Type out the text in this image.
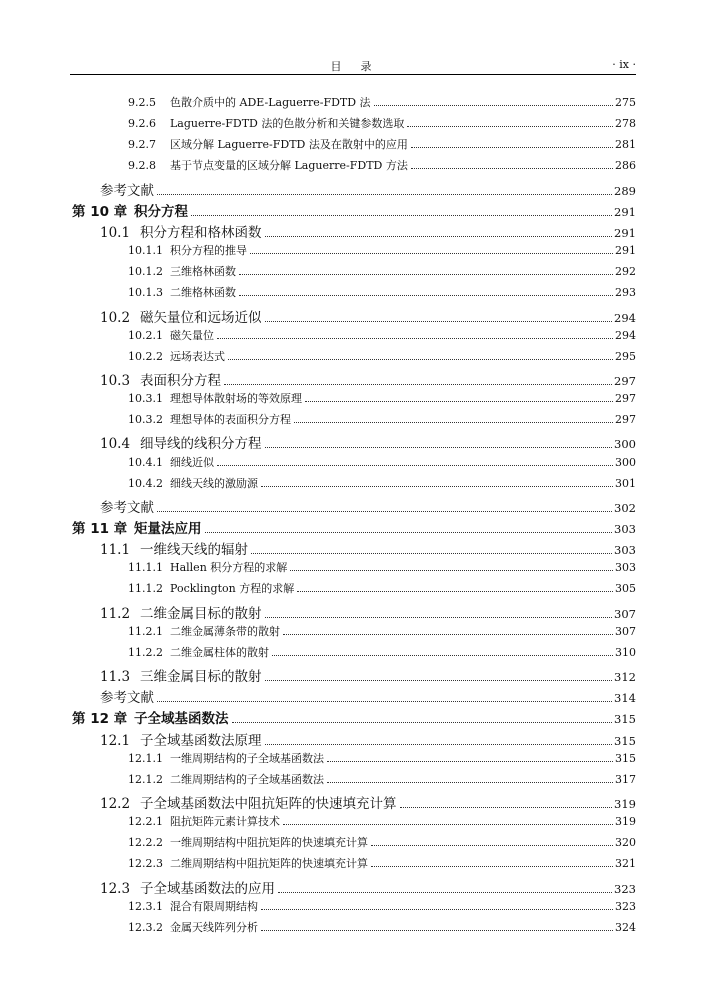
目　录	· ix ·
9.2.5	色散介质中的 ADE-Laguerre-FDTD 法	275
9.2.6	Laguerre-FDTD 法的色散分析和关键参数选取	278
9.2.7	区域分解 Laguerre-FDTD 法及在散射中的应用	281
9.2.8	基于节点变量的区域分解 Laguerre-FDTD 方法	286
参考文献	289
第 10 章 积分方程	291
10.1 积分方程和格林函数	291
10.1.1 积分方程的推导	291
10.1.2 三维格林函数	292
10.1.3 二维格林函数	293
10.2 磁矢量位和远场近似	294
10.2.1 磁矢量位	294
10.2.2 远场表达式	295
10.3 表面积分方程	297
10.3.1 理想导体散射场的等效原理	297
10.3.2 理想导体的表面积分方程	297
10.4 细导线的线积分方程	300
10.4.1 细线近似	300
10.4.2 细线天线的激励源	301
参考文献	302
第 11 章 矩量法应用	303
11.1 一维线天线的辐射	303
11.1.1 Hallen 积分方程的求解	303
11.1.2 Pocklington 方程的求解	305
11.2 二维金属目标的散射	307
11.2.1 二维金属薄条带的散射	307
11.2.2 二维金属柱体的散射	310
11.3 三维金属目标的散射	312
参考文献	314
第 12 章 子全域基函数法	315
12.1 子全域基函数法原理	315
12.1.1 一维周期结构的子全域基函数法	315
12.1.2 二维周期结构的子全域基函数法	317
12.2 子全域基函数法中阻抗矩阵的快速填充计算	319
12.2.1 阻抗矩阵元素计算技术	319
12.2.2 一维周期结构中阻抗矩阵的快速填充计算	320
12.2.3 二维周期结构中阻抗矩阵的快速填充计算	321
12.3 子全域基函数法的应用	323
12.3.1 混合有限周期结构	323
12.3.2 金属天线阵列分析	324
